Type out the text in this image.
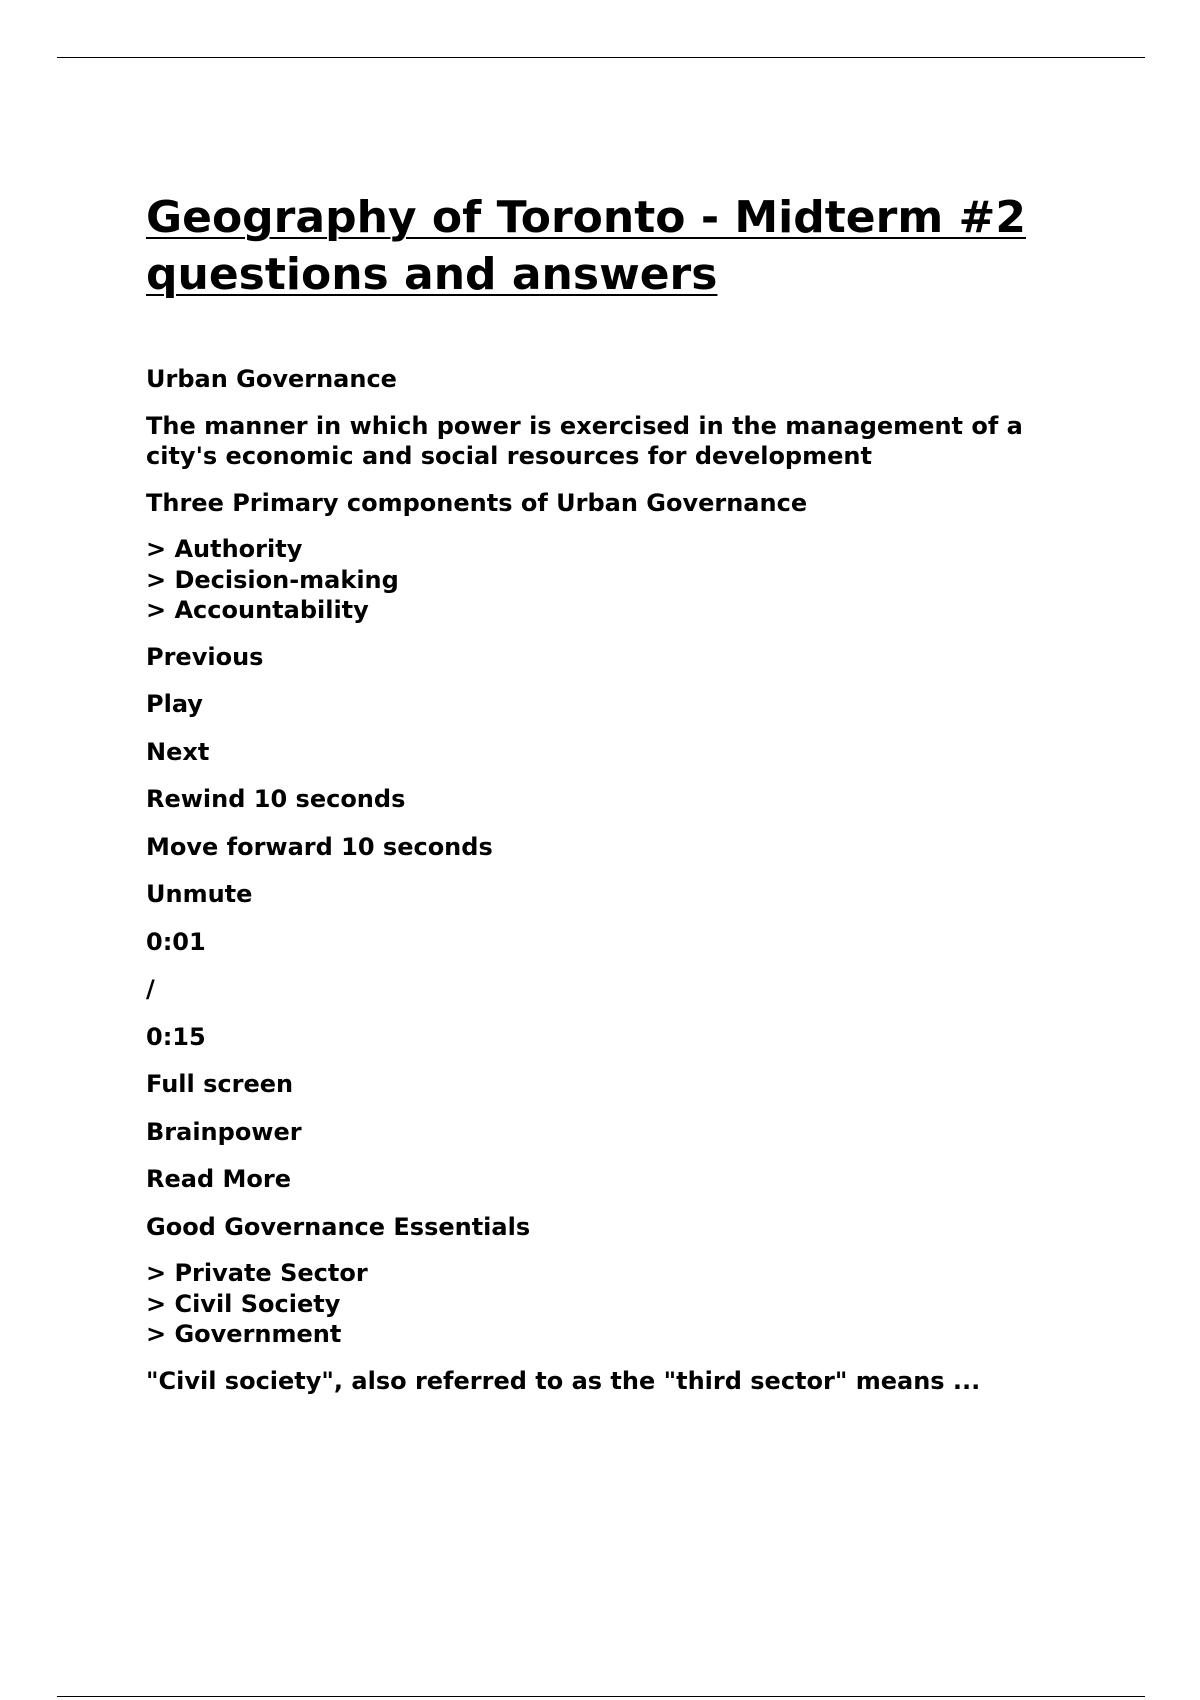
Geography of Toronto - Midterm #2 questions and answers

Urban Governance

The manner in which power is exercised in the management of a
city's economic and social resources for development

Three Primary components of Urban Governance

> Authority
> Decision-making
> Accountability

Previous

Play

Next

Rewind 10 seconds

Move forward 10 seconds

Unmute

0:01

/

0:15

Full screen

Brainpower

Read More

Good Governance Essentials

> Private Sector
> Civil Society
> Government

"Civil society", also referred to as the "third sector" means ...
